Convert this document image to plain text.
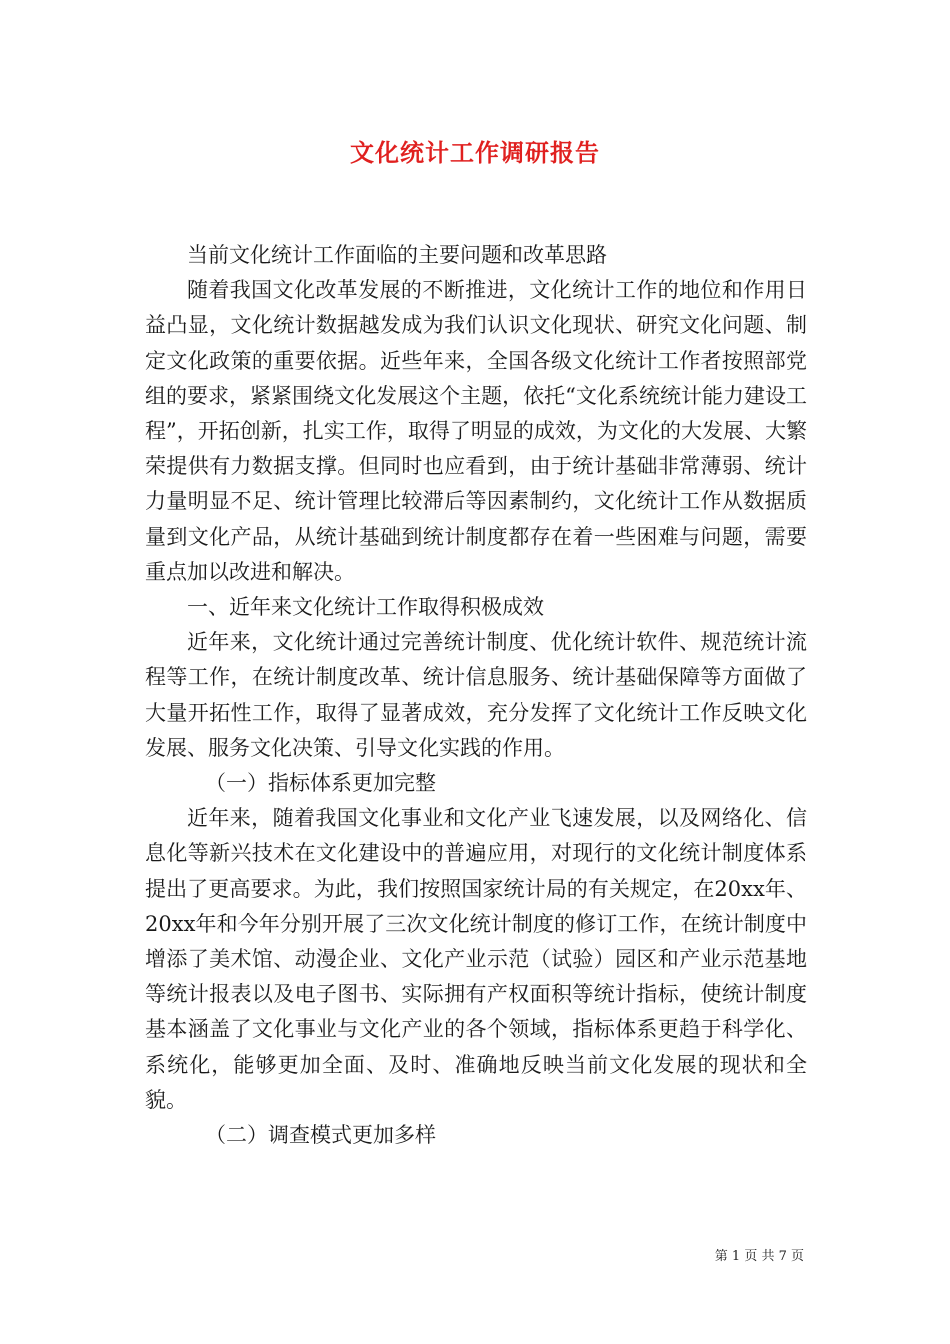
文化统计工作调研报告

当前文化统计工作面临的主要问题和改革思路

随着我国文化改革发展的不断推进，文化统计工作的地位和作用日益凸显，文化统计数据越发成为我们认识文化现状、研究文化问题、制定文化政策的重要依据。近些年来，全国各级文化统计工作者按照部党组的要求，紧紧围绕文化发展这个主题，依托“文化系统统计能力建设工程”，开拓创新，扎实工作，取得了明显的成效，为文化的大发展、大繁荣提供有力数据支撑。但同时也应看到，由于统计基础非常薄弱、统计力量明显不足、统计管理比较滞后等因素制约，文化统计工作从数据质量到文化产品，从统计基础到统计制度都存在着一些困难与问题，需要重点加以改进和解决。

一、近年来文化统计工作取得积极成效

近年来，文化统计通过完善统计制度、优化统计软件、规范统计流程等工作，在统计制度改革、统计信息服务、统计基础保障等方面做了大量开拓性工作，取得了显著成效，充分发挥了文化统计工作反映文化发展、服务文化决策、引导文化实践的作用。

（一）指标体系更加完整

近年来，随着我国文化事业和文化产业飞速发展，以及网络化、信息化等新兴技术在文化建设中的普遍应用，对现行的文化统计制度体系提出了更高要求。为此，我们按照国家统计局的有关规定，在20xx年、20xx年和今年分别开展了三次文化统计制度的修订工作，在统计制度中增添了美术馆、动漫企业、文化产业示范（试验）园区和产业示范基地等统计报表以及电子图书、实际拥有产权面积等统计指标，使统计制度基本涵盖了文化事业与文化产业的各个领域，指标体系更趋于科学化、系统化，能够更加全面、及时、准确地反映当前文化发展的现状和全貌。

（二）调查模式更加多样

第 1 页 共 7 页
